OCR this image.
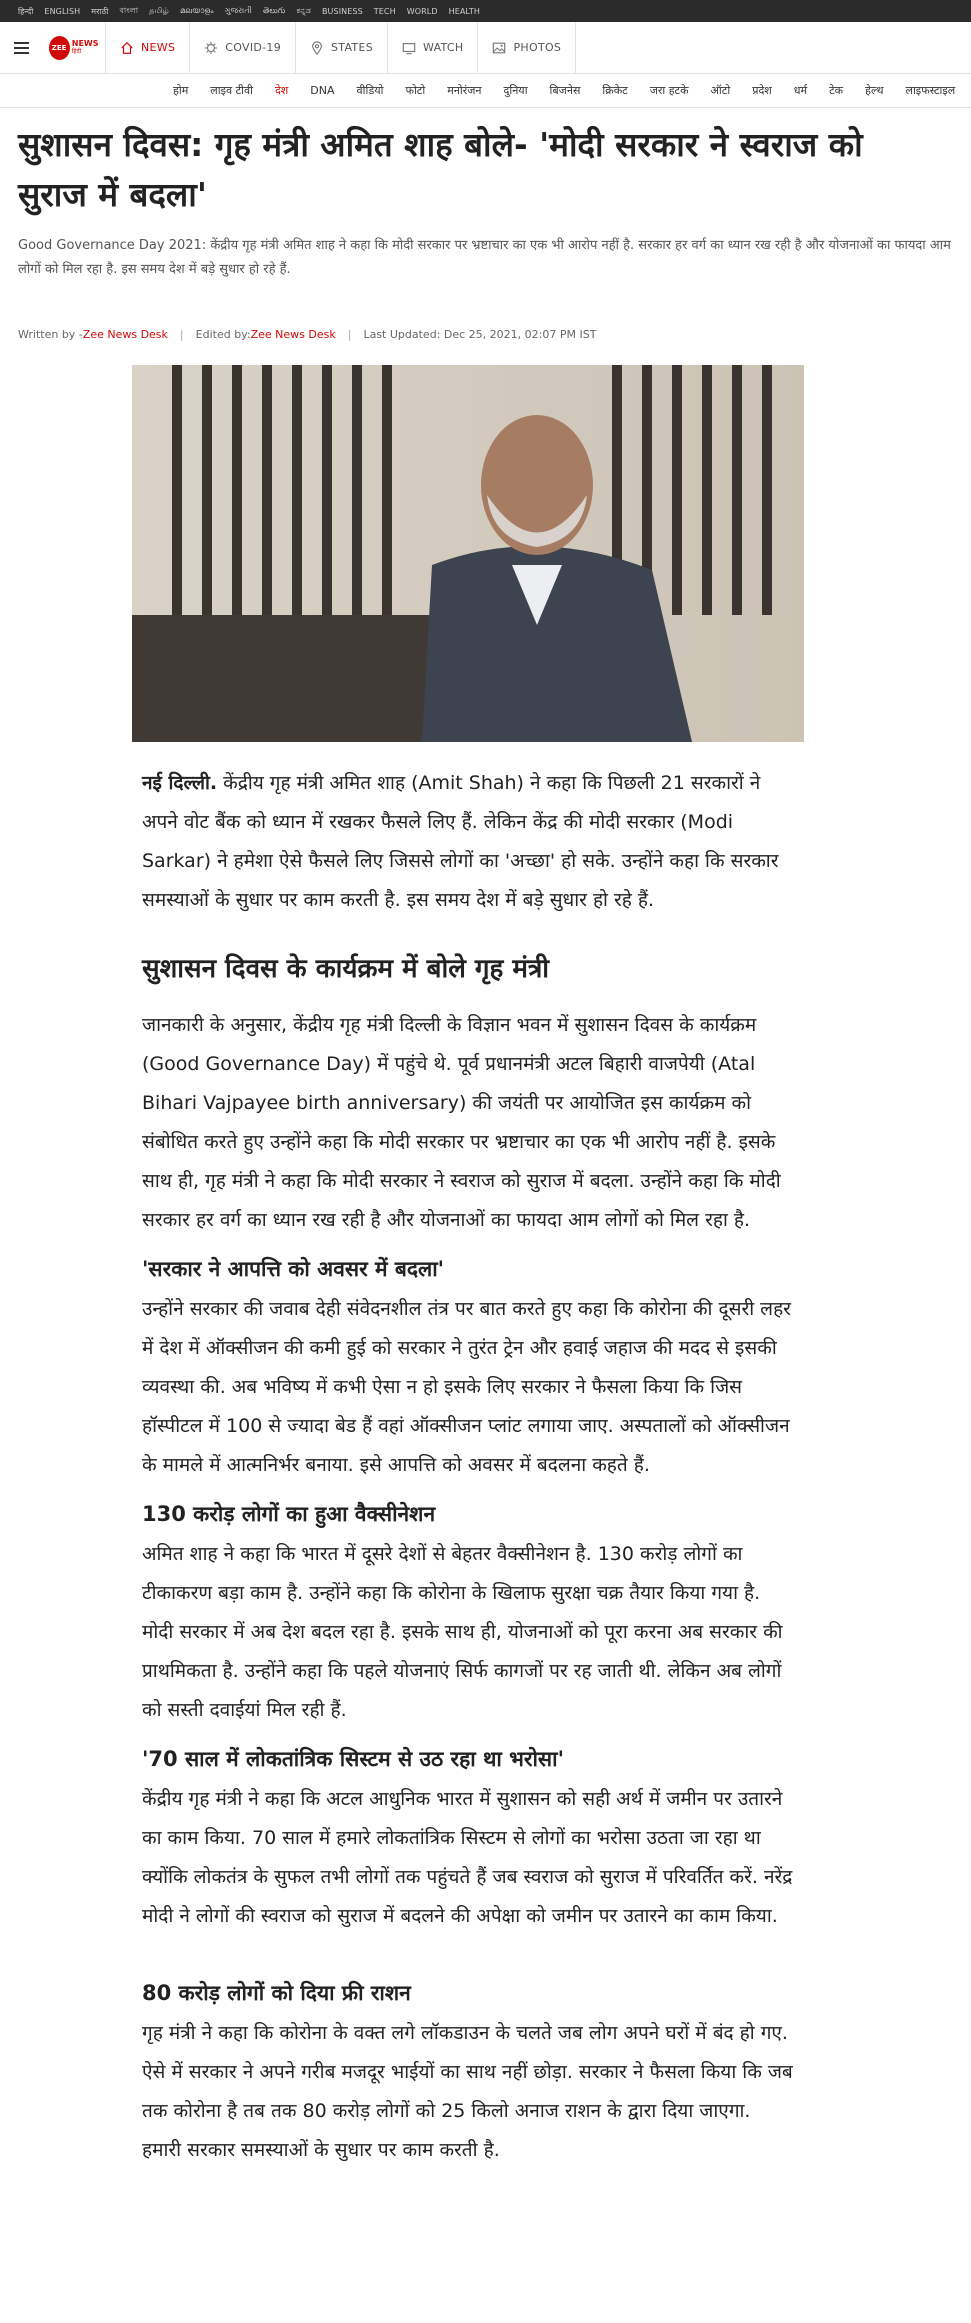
हिन्दी ENGLISH मराठी বাংলা தமிழ் മലയാളം ગુજરાતી తెలుగు ಕನ್ನಡ BUSINESS TECH WORLD HEALTH
ZEE NEWS
हिंदी	NEWS	COVID-19	STATES	WATCH	PHOTOS
होम	लाइव टीवी	देश	DNA	वीडियो	फोटो	मनोरंजन	दुनिया	बिजनेस	क्रिकेट	जरा हटके	ऑटो	प्रदेश	धर्म	टेक	हेल्थ	लाइफस्टाइल
सुशासन दिवस: गृह मंत्री अमित शाह बोले- 'मोदी सरकार ने स्वराज को सुराज में बदला'

Good Governance Day 2021: केंद्रीय गृह मंत्री अमित शाह ने कहा कि मोदी सरकार पर भ्रष्टाचार का एक भी आरोप नहीं है. सरकार हर वर्ग का ध्यान रख रही है और योजनाओं का फायदा आम लोगों को मिल रहा है. इस समय देश में बड़े सुधार हो रहे हैं.

Written by - Zee News Desk	|	Edited by: Zee News Desk	|	Last Updated: Dec 25, 2021, 02:07 PM IST

नई दिल्ली. केंद्रीय गृह मंत्री अमित शाह (Amit Shah) ने कहा कि पिछली 21 सरकारों ने अपने वोट बैंक को ध्यान में रखकर फैसले लिए हैं. लेकिन केंद्र की मोदी सरकार (Modi Sarkar) ने हमेशा ऐसे फैसले लिए जिससे लोगों का 'अच्छा' हो सके. उन्होंने कहा कि सरकार समस्याओं के सुधार पर काम करती है. इस समय देश में बड़े सुधार हो रहे हैं.

सुशासन दिवस के कार्यक्रम में बोले गृह मंत्री

जानकारी के अनुसार, केंद्रीय गृह मंत्री दिल्ली के विज्ञान भवन में सुशासन दिवस के कार्यक्रम (Good Governance Day) में पहुंचे थे. पूर्व प्रधानमंत्री अटल बिहारी वाजपेयी (Atal Bihari Vajpayee birth anniversary) की जयंती पर आयोजित इस कार्यक्रम को संबोधित करते हुए उन्होंने कहा कि मोदी सरकार पर भ्रष्टाचार का एक भी आरोप नहीं है. इसके साथ ही, गृह मंत्री ने कहा कि मोदी सरकार ने स्वराज को सुराज में बदला. उन्होंने कहा कि मोदी सरकार हर वर्ग का ध्यान रख रही है और योजनाओं का फायदा आम लोगों को मिल रहा है.

'सरकार ने आपत्ति को अवसर में बदला'

उन्होंने सरकार की जवाब देही संवेदनशील तंत्र पर बात करते हुए कहा कि कोरोना की दूसरी लहर में देश में ऑक्सीजन की कमी हुई को सरकार ने तुरंत ट्रेन और हवाई जहाज की मदद से इसकी व्यवस्था की. अब भविष्य में कभी ऐसा न हो इसके लिए सरकार ने फैसला किया कि जिस हॉस्पीटल में 100 से ज्यादा बेड हैं वहां ऑक्सीजन प्लांट लगाया जाए. अस्पतालों को ऑक्सीजन के मामले में आत्मनिर्भर बनाया. इसे आपत्ति को अवसर में बदलना कहते हैं.

130 करोड़ लोगों का हुआ वैक्सीनेशन

अमित शाह ने कहा कि भारत में दूसरे देशों से बेहतर वैक्सीनेशन है. 130 करोड़ लोगों का टीकाकरण बड़ा काम है. उन्होंने कहा कि कोरोना के खिलाफ सुरक्षा चक्र तैयार किया गया है. मोदी सरकार में अब देश बदल रहा है. इसके साथ ही, योजनाओं को पूरा करना अब सरकार की प्राथमिकता है. उन्होंने कहा कि पहले योजनाएं सिर्फ कागजों पर रह जाती थी. लेकिन अब लोगों को सस्ती दवाईयां मिल रही हैं.

'70 साल में लोकतांत्रिक सिस्टम से उठ रहा था भरोसा'

केंद्रीय गृह मंत्री ने कहा कि अटल आधुनिक भारत में सुशासन को सही अर्थ में जमीन पर उतारने का काम किया. 70 साल में हमारे लोकतांत्रिक सिस्टम से लोगों का भरोसा उठता जा रहा था क्योंकि लोकतंत्र के सुफल तभी लोगों तक पहुंचते हैं जब स्वराज को सुराज में परिवर्तित करें. नरेंद्र मोदी ने लोगों की स्वराज को सुराज में बदलने की अपेक्षा को जमीन पर उतारने का काम किया.

80 करोड़ लोगों को दिया फ्री राशन

गृह मंत्री ने कहा कि कोरोना के वक्त लगे लॉकडाउन के चलते जब लोग अपने घरों में बंद हो गए. ऐसे में सरकार ने अपने गरीब मजदूर भाईयों का साथ नहीं छोड़ा. सरकार ने फैसला किया कि जब तक कोरोना है तब तक 80 करोड़ लोगों को 25 किलो अनाज राशन के द्वारा दिया जाएगा. हमारी सरकार समस्याओं के सुधार पर काम करती है.
